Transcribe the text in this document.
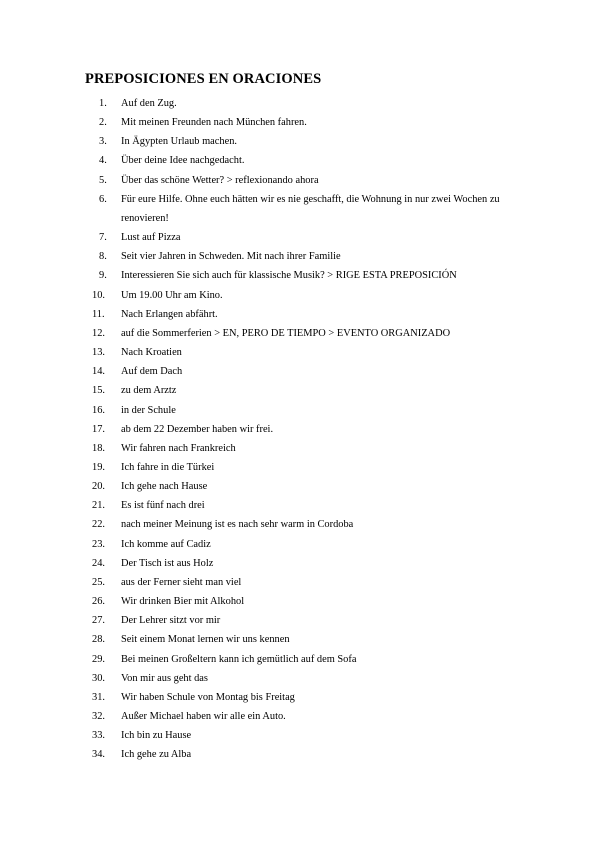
PREPOSICIONES EN ORACIONES
1.	Auf den Zug.
2.	Mit meinen Freunden nach München fahren.
3.	In Ägypten Urlaub machen.
4.	Über deine Idee nachgedacht.
5.	Über das schöne Wetter? > reflexionando ahora
6.	Für eure Hilfe. Ohne euch hätten wir es nie geschafft, die Wohnung in nur zwei Wochen zu renovieren!
7.	Lust auf Pizza
8.	Seit vier Jahren in Schweden. Mit nach ihrer Familie
9.	Interessieren Sie sich auch für klassische Musik? > RIGE ESTA PREPOSICIÓN
10.	Um 19.00 Uhr am Kino.
11.	Nach Erlangen abfährt.
12.	auf die Sommerferien > EN, PERO DE TIEMPO > EVENTO ORGANIZADO
13.	Nach Kroatien
14.	Auf dem Dach
15.	zu dem Arztz
16.	in der Schule
17.	ab dem 22 Dezember haben wir frei.
18.	Wir fahren nach Frankreich
19.	Ich fahre in die Türkei
20.	Ich gehe nach Hause
21.	Es ist fünf nach drei
22.	nach meiner Meinung ist es nach sehr warm in Cordoba
23.	Ich komme auf Cadiz
24.	Der Tisch ist aus Holz
25.	aus der Ferner sieht man viel
26.	Wir drinken Bier mit Alkohol
27.	Der Lehrer sitzt vor mir
28.	Seit einem Monat lernen wir uns kennen
29.	Bei meinen Großeltern kann ich gemütlich auf dem Sofa
30.	Von mir aus geht das
31.	Wir haben Schule von Montag bis Freitag
32.	Außer Michael haben wir alle ein Auto.
33.	Ich bin zu Hause
34.	Ich gehe zu Alba
